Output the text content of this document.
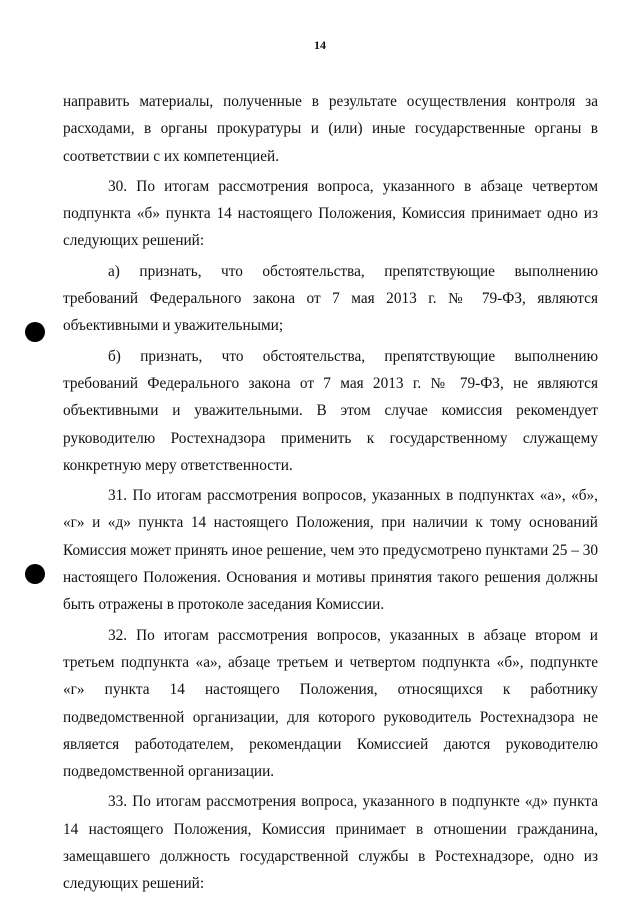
14

направить материалы, полученные в результате осуществления контроля за расходами, в органы прокуратуры и (или) иные государственные органы в соответствии с их компетенцией.

30. По итогам рассмотрения вопроса, указанного в абзаце четвертом подпункта «б» пункта 14 настоящего Положения, Комиссия принимает одно из следующих решений:

а) признать, что обстоятельства, препятствующие выполнению требований Федерального закона от 7 мая 2013 г. № 79-ФЗ, являются объективными и уважительными;

б) признать, что обстоятельства, препятствующие выполнению требований Федерального закона от 7 мая 2013 г. № 79-ФЗ, не являются объективными и уважительными. В этом случае комиссия рекомендует руководителю Ростехнадзора применить к государственному служащему конкретную меру ответственности.

31. По итогам рассмотрения вопросов, указанных в подпунктах «а», «б», «г» и «д» пункта 14 настоящего Положения, при наличии к тому оснований Комиссия может принять иное решение, чем это предусмотрено пунктами 25 – 30 настоящего Положения. Основания и мотивы принятия такого решения должны быть отражены в протоколе заседания Комиссии.

32. По итогам рассмотрения вопросов, указанных в абзаце втором и третьем подпункта «а», абзаце третьем и четвертом подпункта «б», подпункте «г» пункта 14 настоящего Положения, относящихся к работнику подведомственной организации, для которого руководитель Ростехнадзора не является работодателем, рекомендации Комиссией даются руководителю подведомственной организации.

33. По итогам рассмотрения вопроса, указанного в подпункте «д» пункта 14 настоящего Положения, Комиссия принимает в отношении гражданина, замещавшего должность государственной службы в Ростехнадзоре, одно из следующих решений:
